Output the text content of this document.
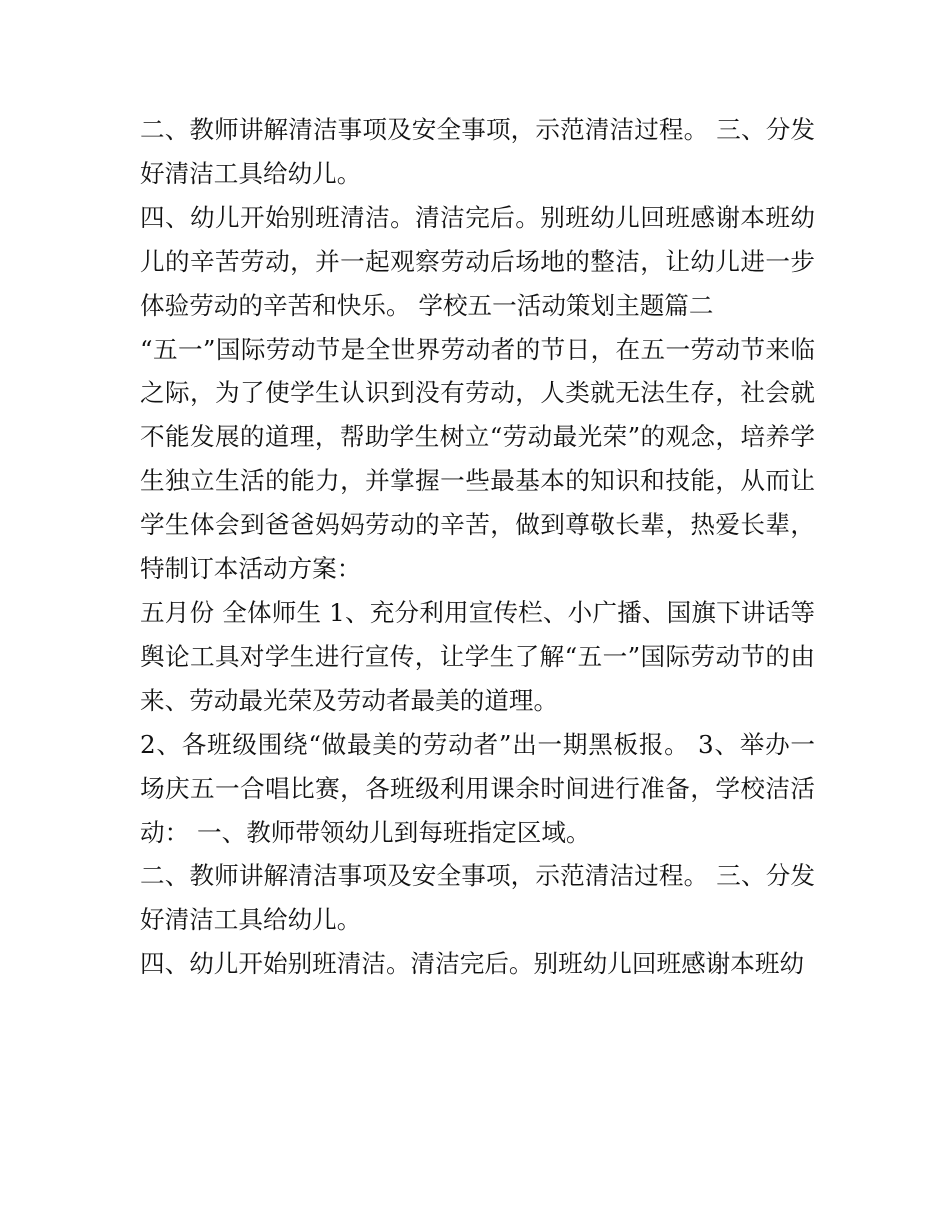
二、教师讲解清洁事项及安全事项，示范清洁过程。 三、分发好清洁工具给幼儿。

四、幼儿开始别班清洁。清洁完后。别班幼儿回班感谢本班幼儿的辛苦劳动，并一起观察劳动后场地的整洁，让幼儿进一步体验劳动的辛苦和快乐。 学校五一活动策划主题篇二

“五一”国际劳动节是全世界劳动者的节日，在五一劳动节来临之际，为了使学生认识到没有劳动，人类就无法生存，社会就不能发展的道理，帮助学生树立“劳动最光荣”的观念，培养学生独立生活的能力，并掌握一些最基本的知识和技能，从而让学生体会到爸爸妈妈劳动的辛苦，做到尊敬长辈，热爱长辈，特制订本活动方案：

五月份 全体师生 1、充分利用宣传栏、小广播、国旗下讲话等舆论工具对学生进行宣传，让学生了解“五一”国际劳动节的由来、劳动最光荣及劳动者最美的道理。

2、各班级围绕“做最美的劳动者”出一期黑板报。 3、举办一场庆五一合唱比赛，各班级利用课余时间进行准备，学校洁活动： 一、教师带领幼儿到每班指定区域。

二、教师讲解清洁事项及安全事项，示范清洁过程。 三、分发好清洁工具给幼儿。

四、幼儿开始别班清洁。清洁完后。别班幼儿回班感谢本班幼
